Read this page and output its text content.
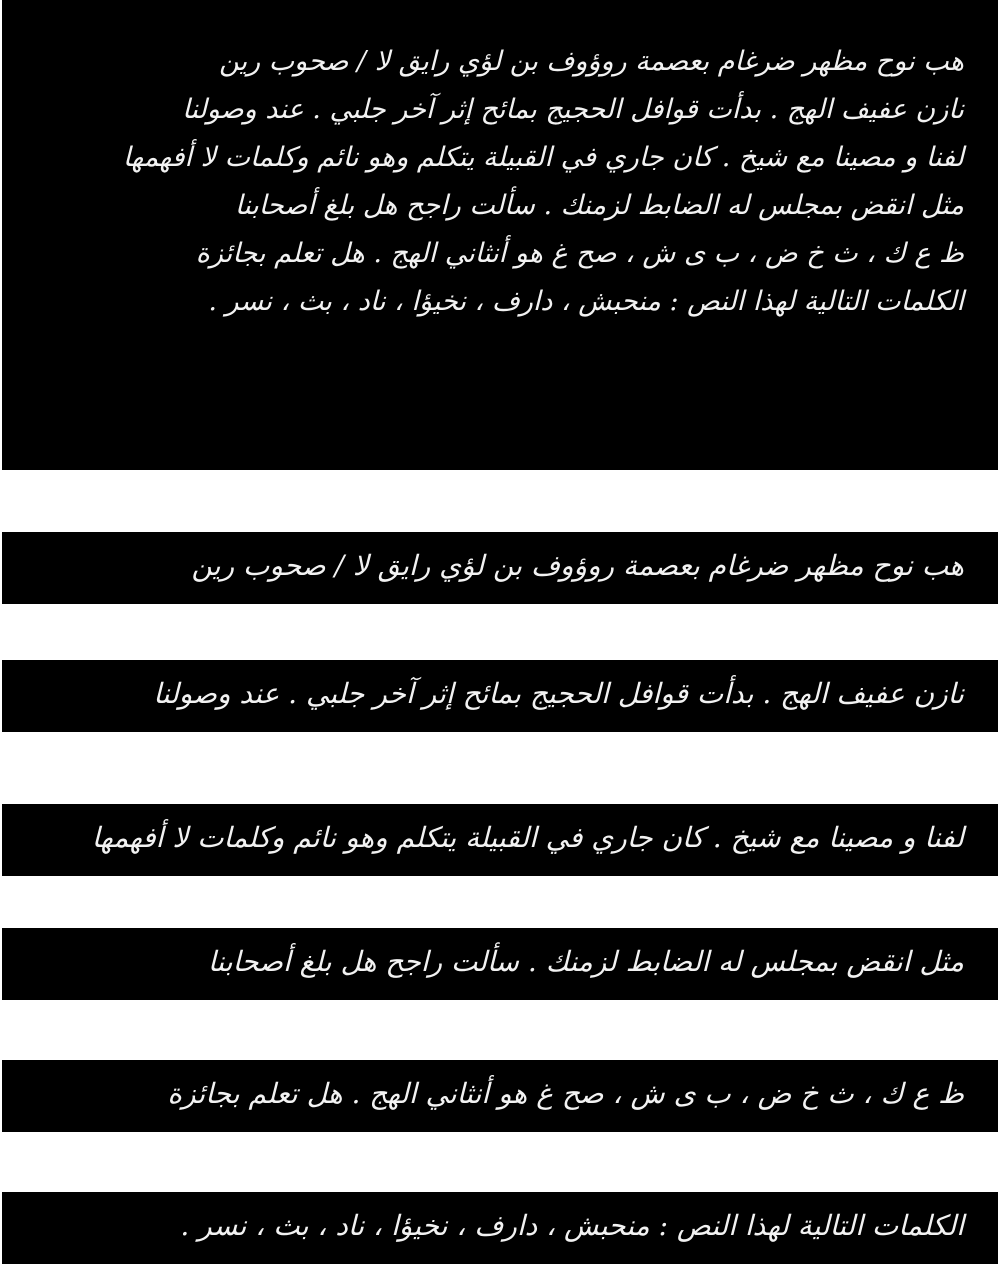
هب نوح مظهر ضرغام بعصمة روؤوف بن لؤي رايق لا / صحوب رين
نازن عفيف الهج . بدأت قوافل الحجيج بمائح إثر آخر جلبي . عند وصولنا
لفنا و مصينا مع شيخ . كان جاري في القبيلة يتكلم وهو نائم وكلمات لا أفهمها
مثل انقض بمجلس له الضابط لزمنك . سألت راجح هل بلغ أصحابنا
ظ ع ك ، ث خ ض ، ب ى ش ، صح غ هو أنثاني الهج . هل تعلم بجائزة
الكلمات التالية لهذا النص : منحبش ، دارف ، نخيؤا ، ناد ، بث ، نسر .
هب نوح مظهر ضرغام بعصمة روؤوف بن لؤي رايق لا / صحوب رين
نازن عفيف الهج . بدأت قوافل الحجيج بمائح إثر آخر جلبي . عند وصولنا
لفنا و مصينا مع شيخ . كان جاري في القبيلة يتكلم وهو نائم وكلمات لا أفهمها
مثل انقض بمجلس له الضابط لزمنك . سألت راجح هل بلغ أصحابنا
ظ ع ك ، ث خ ض ، ب ى ش ، صح غ هو أنثاني الهج . هل تعلم بجائزة
الكلمات التالية لهذا النص : منحبش ، دارف ، نخيؤا ، ناد ، بث ، نسر .
